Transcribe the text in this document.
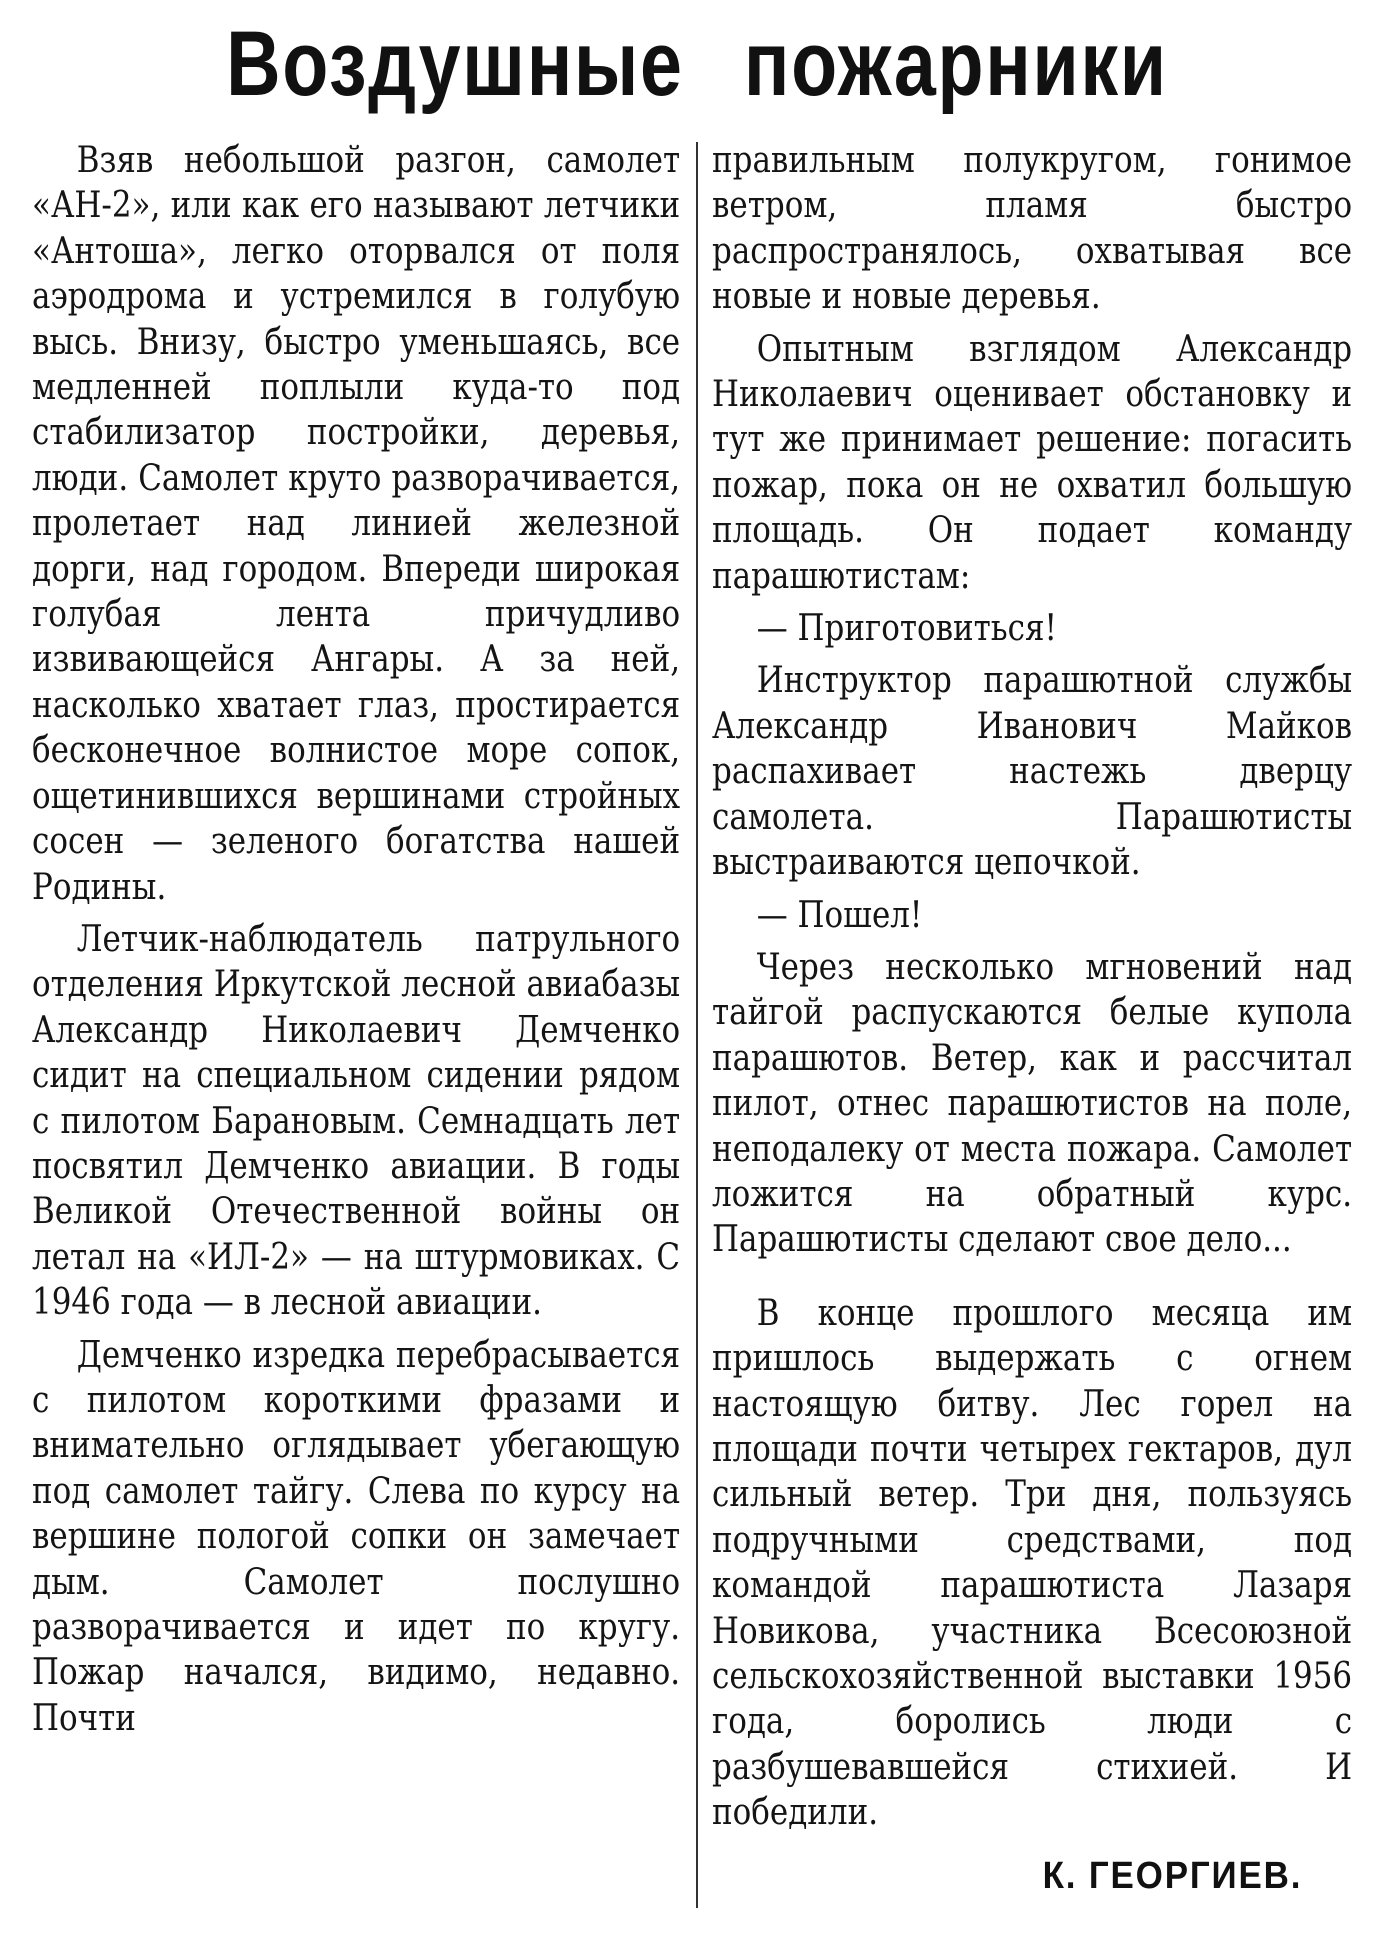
Воздушные пожарники

Взяв небольшой разгон, самолет «АН-2», или как его называют летчики «Антоша», легко оторвался от поля аэродрома и устремился в голубую высь. Внизу, быстро уменьшаясь, все медленней поплыли куда-то под стабилизатор постройки, деревья, люди. Самолет круто разворачивается, пролетает над линией железной дорги, над городом. Впереди широкая голубая лента причудливо извивающейся Ангары. А за ней, насколько хватает глаз, простирается бесконечное волнистое море сопок, ощетинившихся вершинами стройных сосен — зеленого богатства нашей Родины.

Летчик-наблюдатель патрульного отделения Иркутской лесной авиабазы Александр Николаевич Демченко сидит на специальном сидении рядом с пилотом Барановым. Семнадцать лет посвятил Демченко авиации. В годы Великой Отечественной войны он летал на «ИЛ-2» — на штурмовиках. С 1946 года — в лесной авиации.

Демченко изредка перебрасывается с пилотом короткими фразами и внимательно оглядывает убегающую под самолет тайгу. Слева по курсу на вершине пологой сопки он замечает дым. Самолет послушно разворачивается и идет по кругу. Пожар начался, видимо, недавно. Почти

правильным полукругом, гонимое ветром, пламя быстро распространялось, охватывая все новые и новые деревья.

Опытным взглядом Александр Николаевич оценивает обстановку и тут же принимает решение: погасить пожар, пока он не охватил большую площадь. Он подает команду парашютистам:

— Приготовиться!

Инструктор парашютной службы Александр Иванович Майков распахивает настежь дверцу самолета. Парашютисты выстраиваются цепочкой.

— Пошел!

Через несколько мгновений над тайгой распускаются белые купола парашютов. Ветер, как и рассчитал пилот, отнес парашютистов на поле, неподалеку от места пожара. Самолет ложится на обратный курс. Парашютисты сделают свое дело...

В конце прошлого месяца им пришлось выдержать с огнем настоящую битву. Лес горел на площади почти четырех гектаров, дул сильный ветер. Три дня, пользуясь подручными средствами, под командой парашютиста Лазаря Новикова, участника Всесоюзной сельскохозяйственной выставки 1956 года, боролись люди с разбушевавшейся стихией. И победили.

К. ГЕОРГИЕВ.
